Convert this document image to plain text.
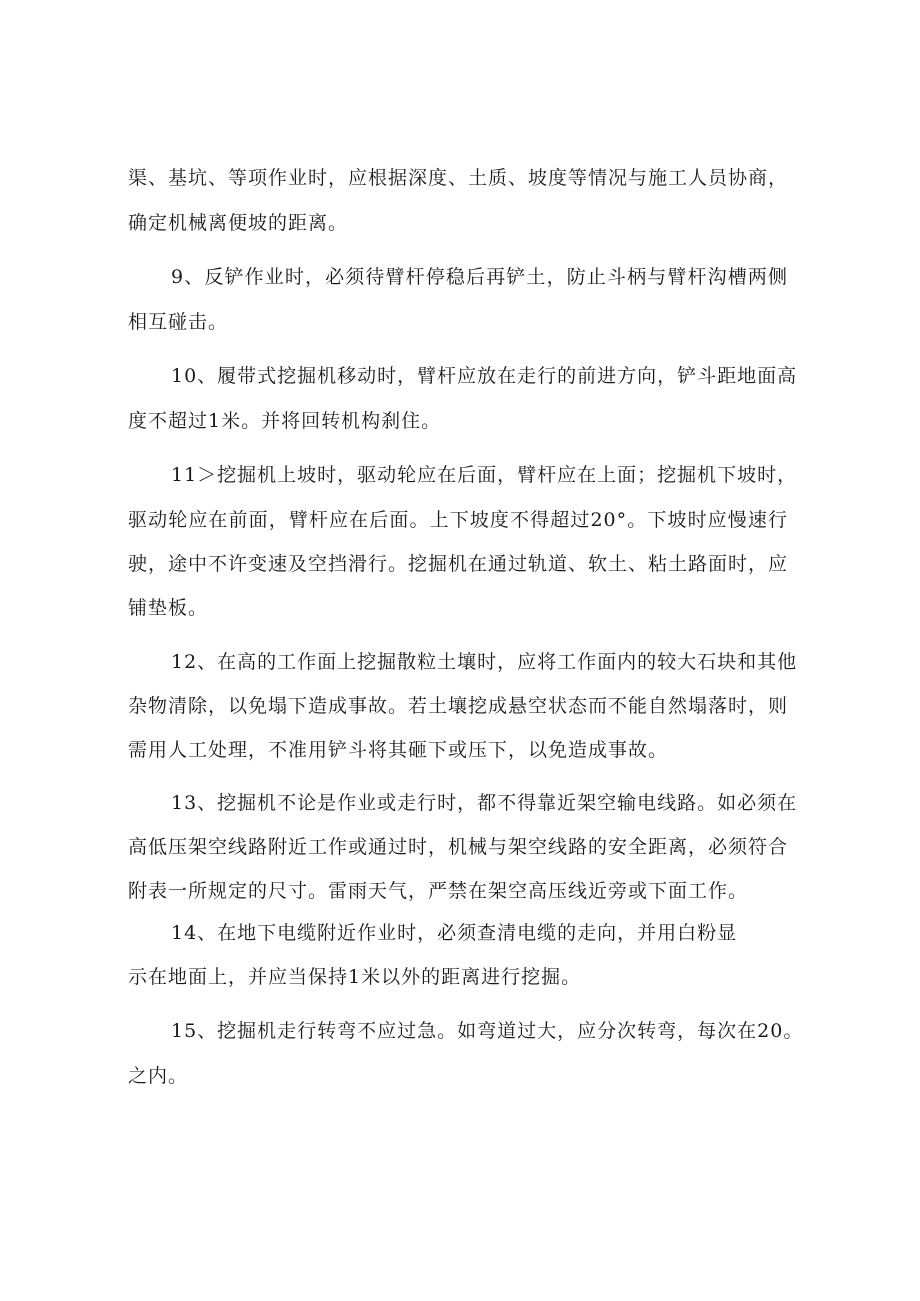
渠、基坑、等项作业时，应根据深度、土质、坡度等情况与施工人员协商，
确定机械离便坡的距离。
9、反铲作业时，必须待臂杆停稳后再铲土，防止斗柄与臂杆沟槽两侧
相互碰击。
10、履带式挖掘机移动时，臂杆应放在走行的前进方向，铲斗距地面高
度不超过1米。并将回转机构刹住。
11＞挖掘机上坡时，驱动轮应在后面，臂杆应在上面；挖掘机下坡时，
驱动轮应在前面，臂杆应在后面。上下坡度不得超过20°。下坡时应慢速行
驶，途中不许变速及空挡滑行。挖掘机在通过轨道、软土、粘土路面时，应
铺垫板。
12、在高的工作面上挖掘散粒土壤时，应将工作面内的较大石块和其他
杂物清除，以免塌下造成事故。若土壤挖成悬空状态而不能自然塌落时，则
需用人工处理，不准用铲斗将其砸下或压下，以免造成事故。
13、挖掘机不论是作业或走行时，都不得靠近架空输电线路。如必须在
高低压架空线路附近工作或通过时，机械与架空线路的安全距离，必须符合
附表一所规定的尺寸。雷雨天气，严禁在架空高压线近旁或下面工作。
14、在地下电缆附近作业时，必须查清电缆的走向，并用白粉显
示在地面上，并应当保持1米以外的距离进行挖掘。
15、挖掘机走行转弯不应过急。如弯道过大，应分次转弯，每次在20。
之内。
